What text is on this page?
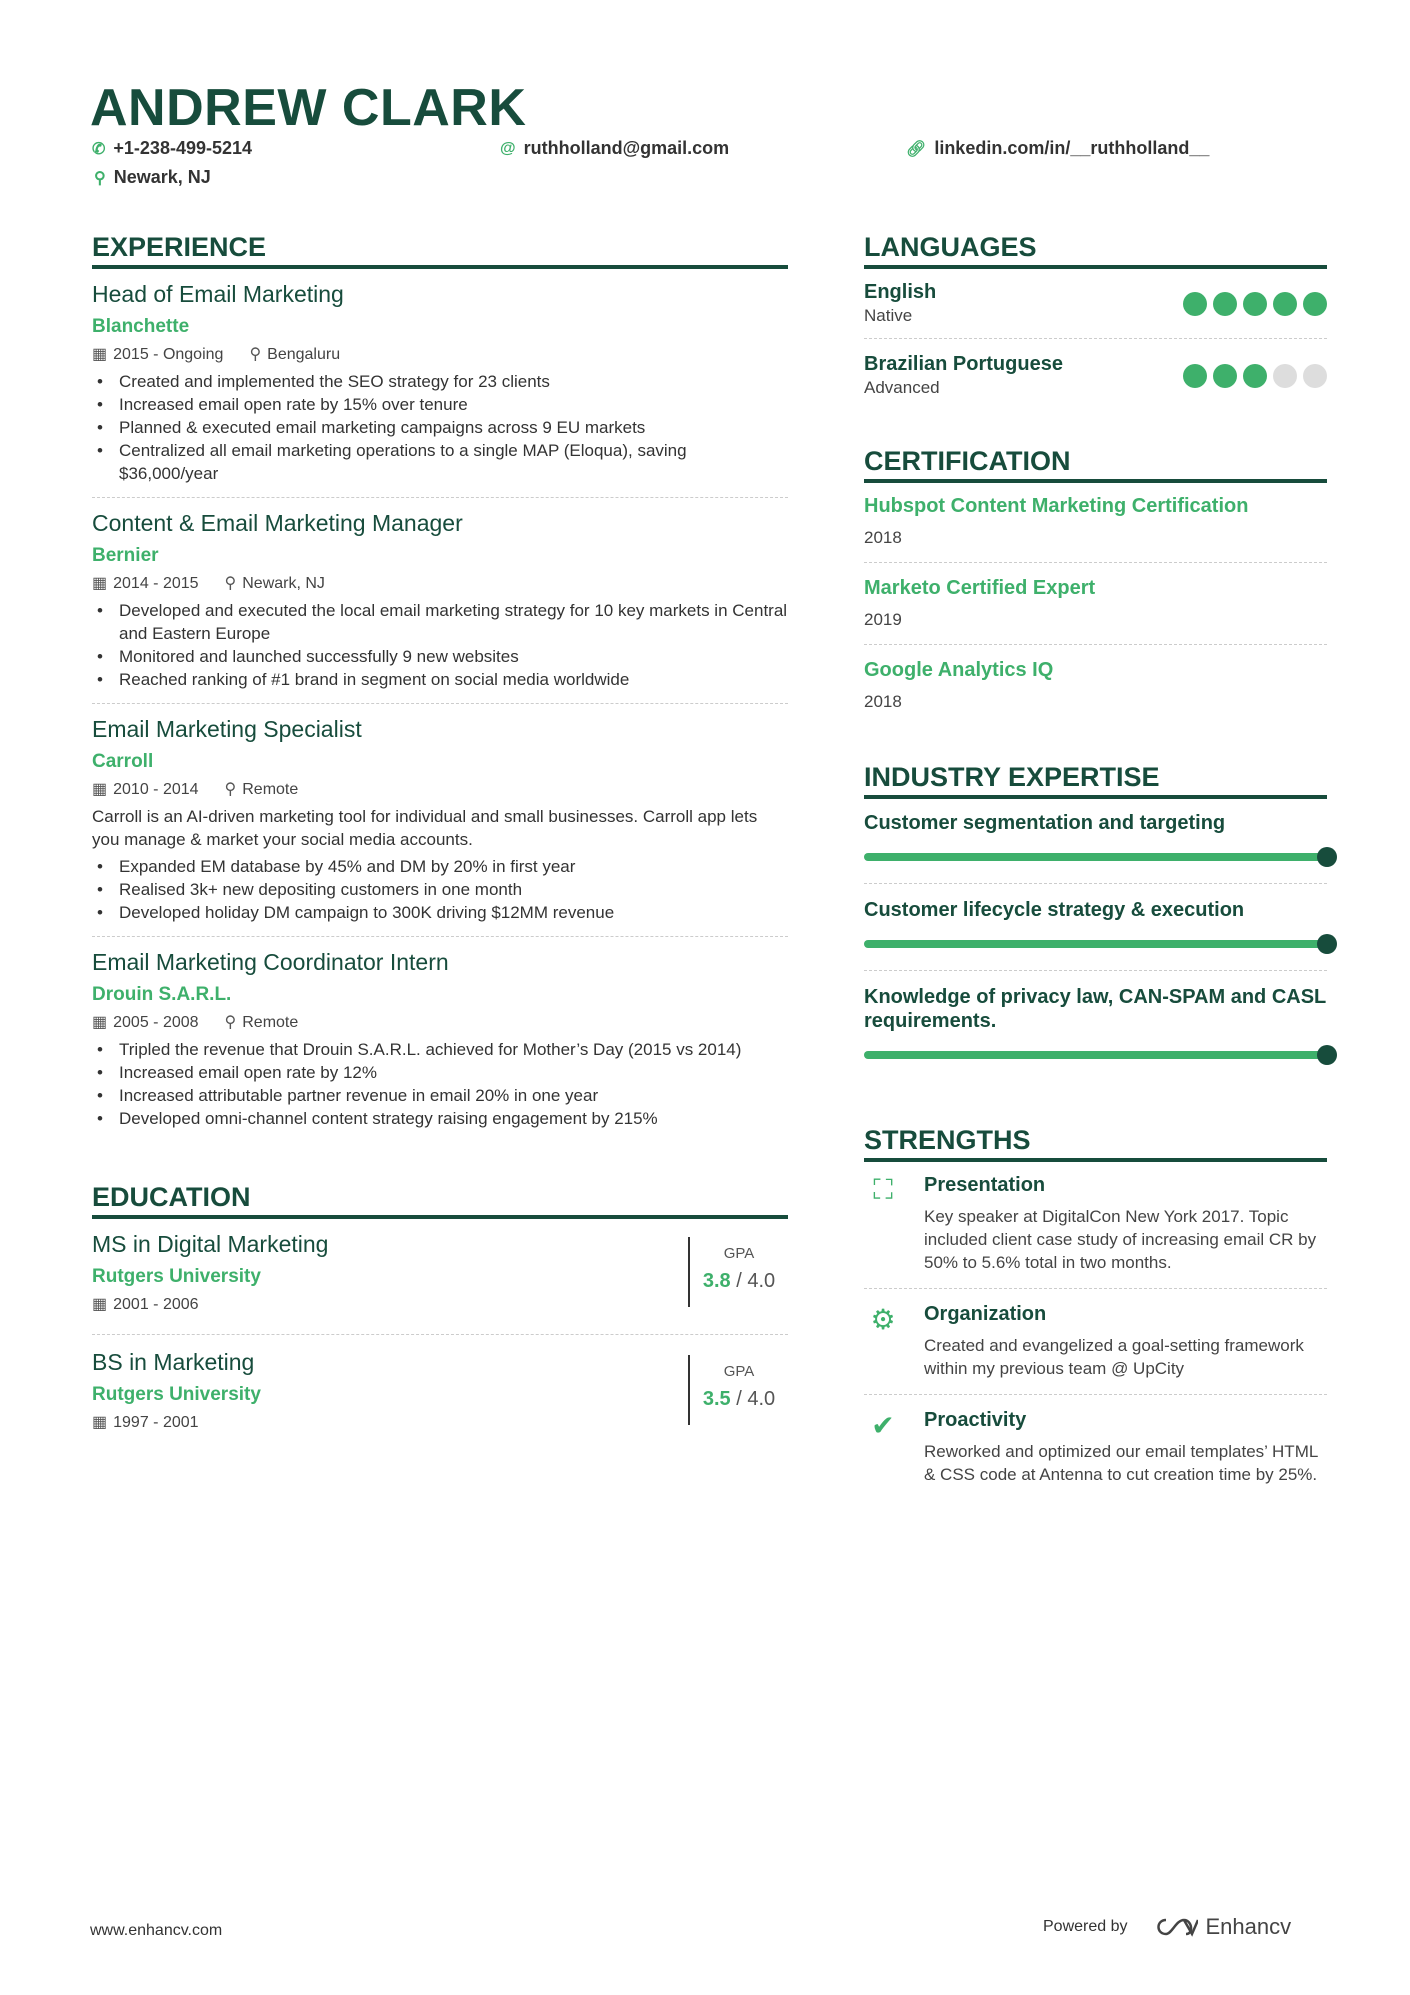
ANDREW CLARK
✆ +1-238-499-5214	@ ruthholland@gmail.com	🔗︎ linkedin.com/in/__ruthholland__
⚲ Newark, NJ
EXPERIENCE
Head of Email Marketing
Blanchette
▦ 2015 - Ongoing ⚲ Bengaluru
• Created and implemented the SEO strategy for 23 clients
• Increased email open rate by 15% over tenure
• Planned & executed email marketing campaigns across 9 EU markets
• Centralized all email marketing operations to a single MAP (Eloqua), saving $36,000/year
Content & Email Marketing Manager
Bernier
▦ 2014 - 2015 ⚲ Newark, NJ
• Developed and executed the local email marketing strategy for 10 key markets in Central and Eastern Europe
• Monitored and launched successfully 9 new websites
• Reached ranking of #1 brand in segment on social media worldwide
Email Marketing Specialist
Carroll
▦ 2010 - 2014 ⚲ Remote
Carroll is an AI-driven marketing tool for individual and small businesses. Carroll app lets you manage & market your social media accounts.
• Expanded EM database by 45% and DM by 20% in first year
• Realised 3k+ new depositing customers in one month
• Developed holiday DM campaign to 300K driving $12MM revenue
Email Marketing Coordinator Intern
Drouin S.A.R.L.
▦ 2005 - 2008 ⚲ Remote
• Tripled the revenue that Drouin S.A.R.L. achieved for Mother’s Day (2015 vs 2014)
• Increased email open rate by 12%
• Increased attributable partner revenue in email 20% in one year
• Developed omni-channel content strategy raising engagement by 215%
EDUCATION
MS in Digital Marketing
Rutgers University
▦ 2001 - 2006
GPA
3.8 / 4.0
BS in Marketing
Rutgers University
▦ 1997 - 2001
GPA
3.5 / 4.0
LANGUAGES
English
Native
Brazilian Portuguese
Advanced
CERTIFICATION
Hubspot Content Marketing Certification
2018
Marketo Certified Expert
2019
Google Analytics IQ
2018
INDUSTRY EXPERTISE
Customer segmentation and targeting
Customer lifecycle strategy & execution
Knowledge of privacy law, CAN-SPAM and CASL requirements.
STRENGTHS
⛶	Presentation
Key speaker at DigitalCon New York 2017. Topic included client case study of increasing email CR by 50% to 5.6% total in two months.
⚙	Organization
Created and evangelized a goal-setting framework within my previous team @ UpCity
✔	Proactivity
Reworked and optimized our email templates’ HTML & CSS code at Antenna to cut creation time by 25%.
www.enhancv.com	Powered by	Enhancv
